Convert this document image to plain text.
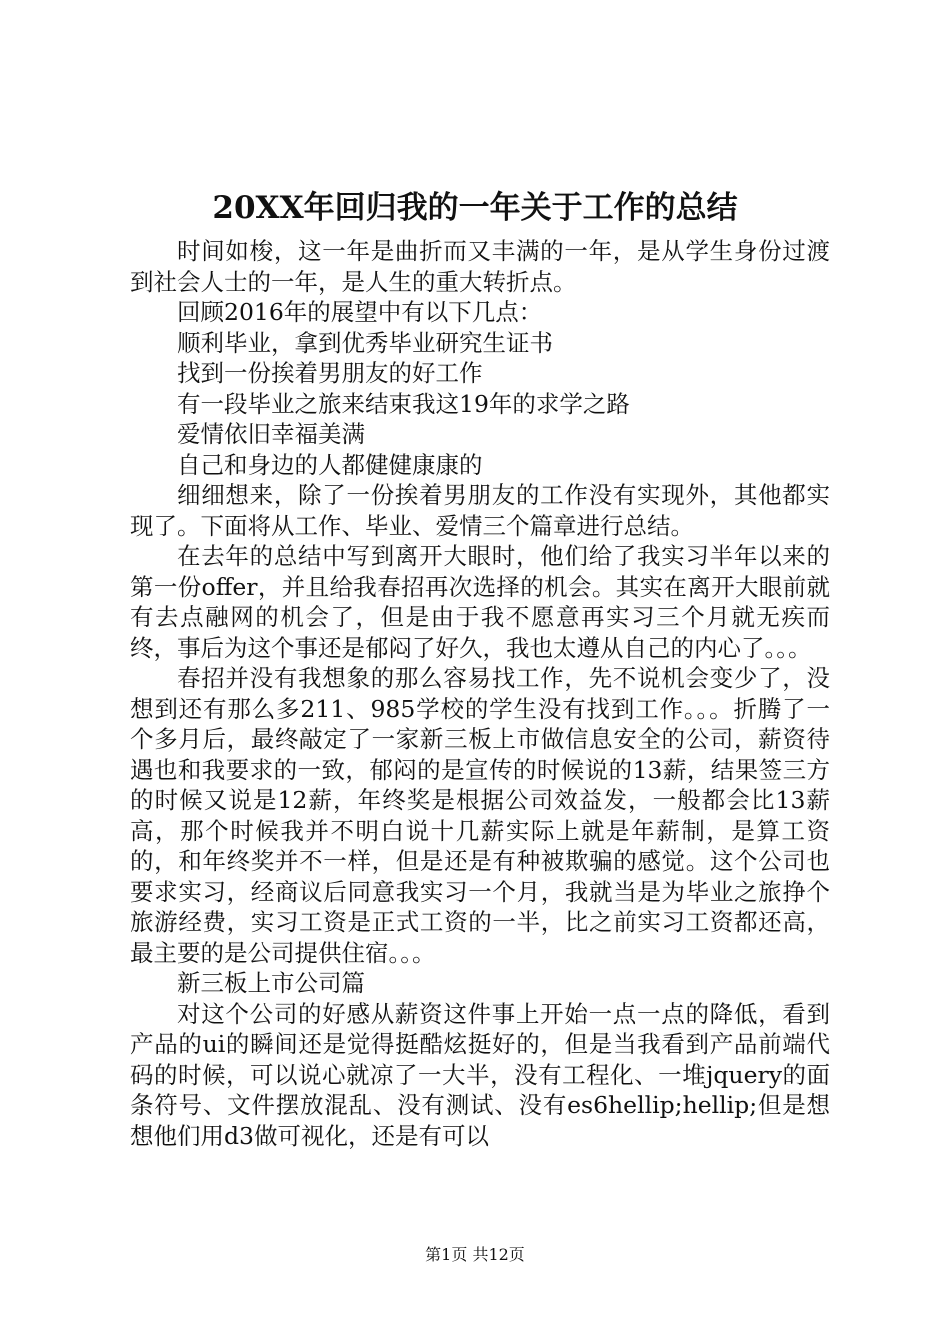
20XX年回归我的一年关于工作的总结

时间如梭，这一年是曲折而又丰满的一年，是从学生身份过渡到社会人士的一年，是人生的重大转折点。

回顾2016年的展望中有以下几点：

顺利毕业，拿到优秀毕业研究生证书

找到一份挨着男朋友的好工作

有一段毕业之旅来结束我这19年的求学之路

爱情依旧幸福美满

自己和身边的人都健健康康的

细细想来，除了一份挨着男朋友的工作没有实现外，其他都实现了。下面将从工作、毕业、爱情三个篇章进行总结。

在去年的总结中写到离开大眼时，他们给了我实习半年以来的第一份offer，并且给我春招再次选择的机会。其实在离开大眼前就有去点融网的机会了，但是由于我不愿意再实习三个月就无疾而终，事后为这个事还是郁闷了好久，我也太遵从自己的内心了。。。

春招并没有我想象的那么容易找工作，先不说机会变少了，没想到还有那么多211、985学校的学生没有找到工作。。。折腾了一个多月后，最终敲定了一家新三板上市做信息安全的公司，薪资待遇也和我要求的一致，郁闷的是宣传的时候说的13薪，结果签三方的时候又说是12薪，年终奖是根据公司效益发，一般都会比13薪高，那个时候我并不明白说十几薪实际上就是年薪制，是算工资的，和年终奖并不一样，但是还是有种被欺骗的感觉。这个公司也要求实习，经商议后同意我实习一个月，我就当是为毕业之旅挣个旅游经费，实习工资是正式工资的一半，比之前实习工资都还高，最主要的是公司提供住宿。。。

新三板上市公司篇

对这个公司的好感从薪资这件事上开始一点一点的降低，看到产品的ui的瞬间还是觉得挺酷炫挺好的，但是当我看到产品前端代码的时候，可以说心就凉了一大半，没有工程化、一堆jquery的面条符号、文件摆放混乱、没有测试、没有es6hellip;hellip;但是想想他们用d3做可视化，还是有可以

第1页 共12页
